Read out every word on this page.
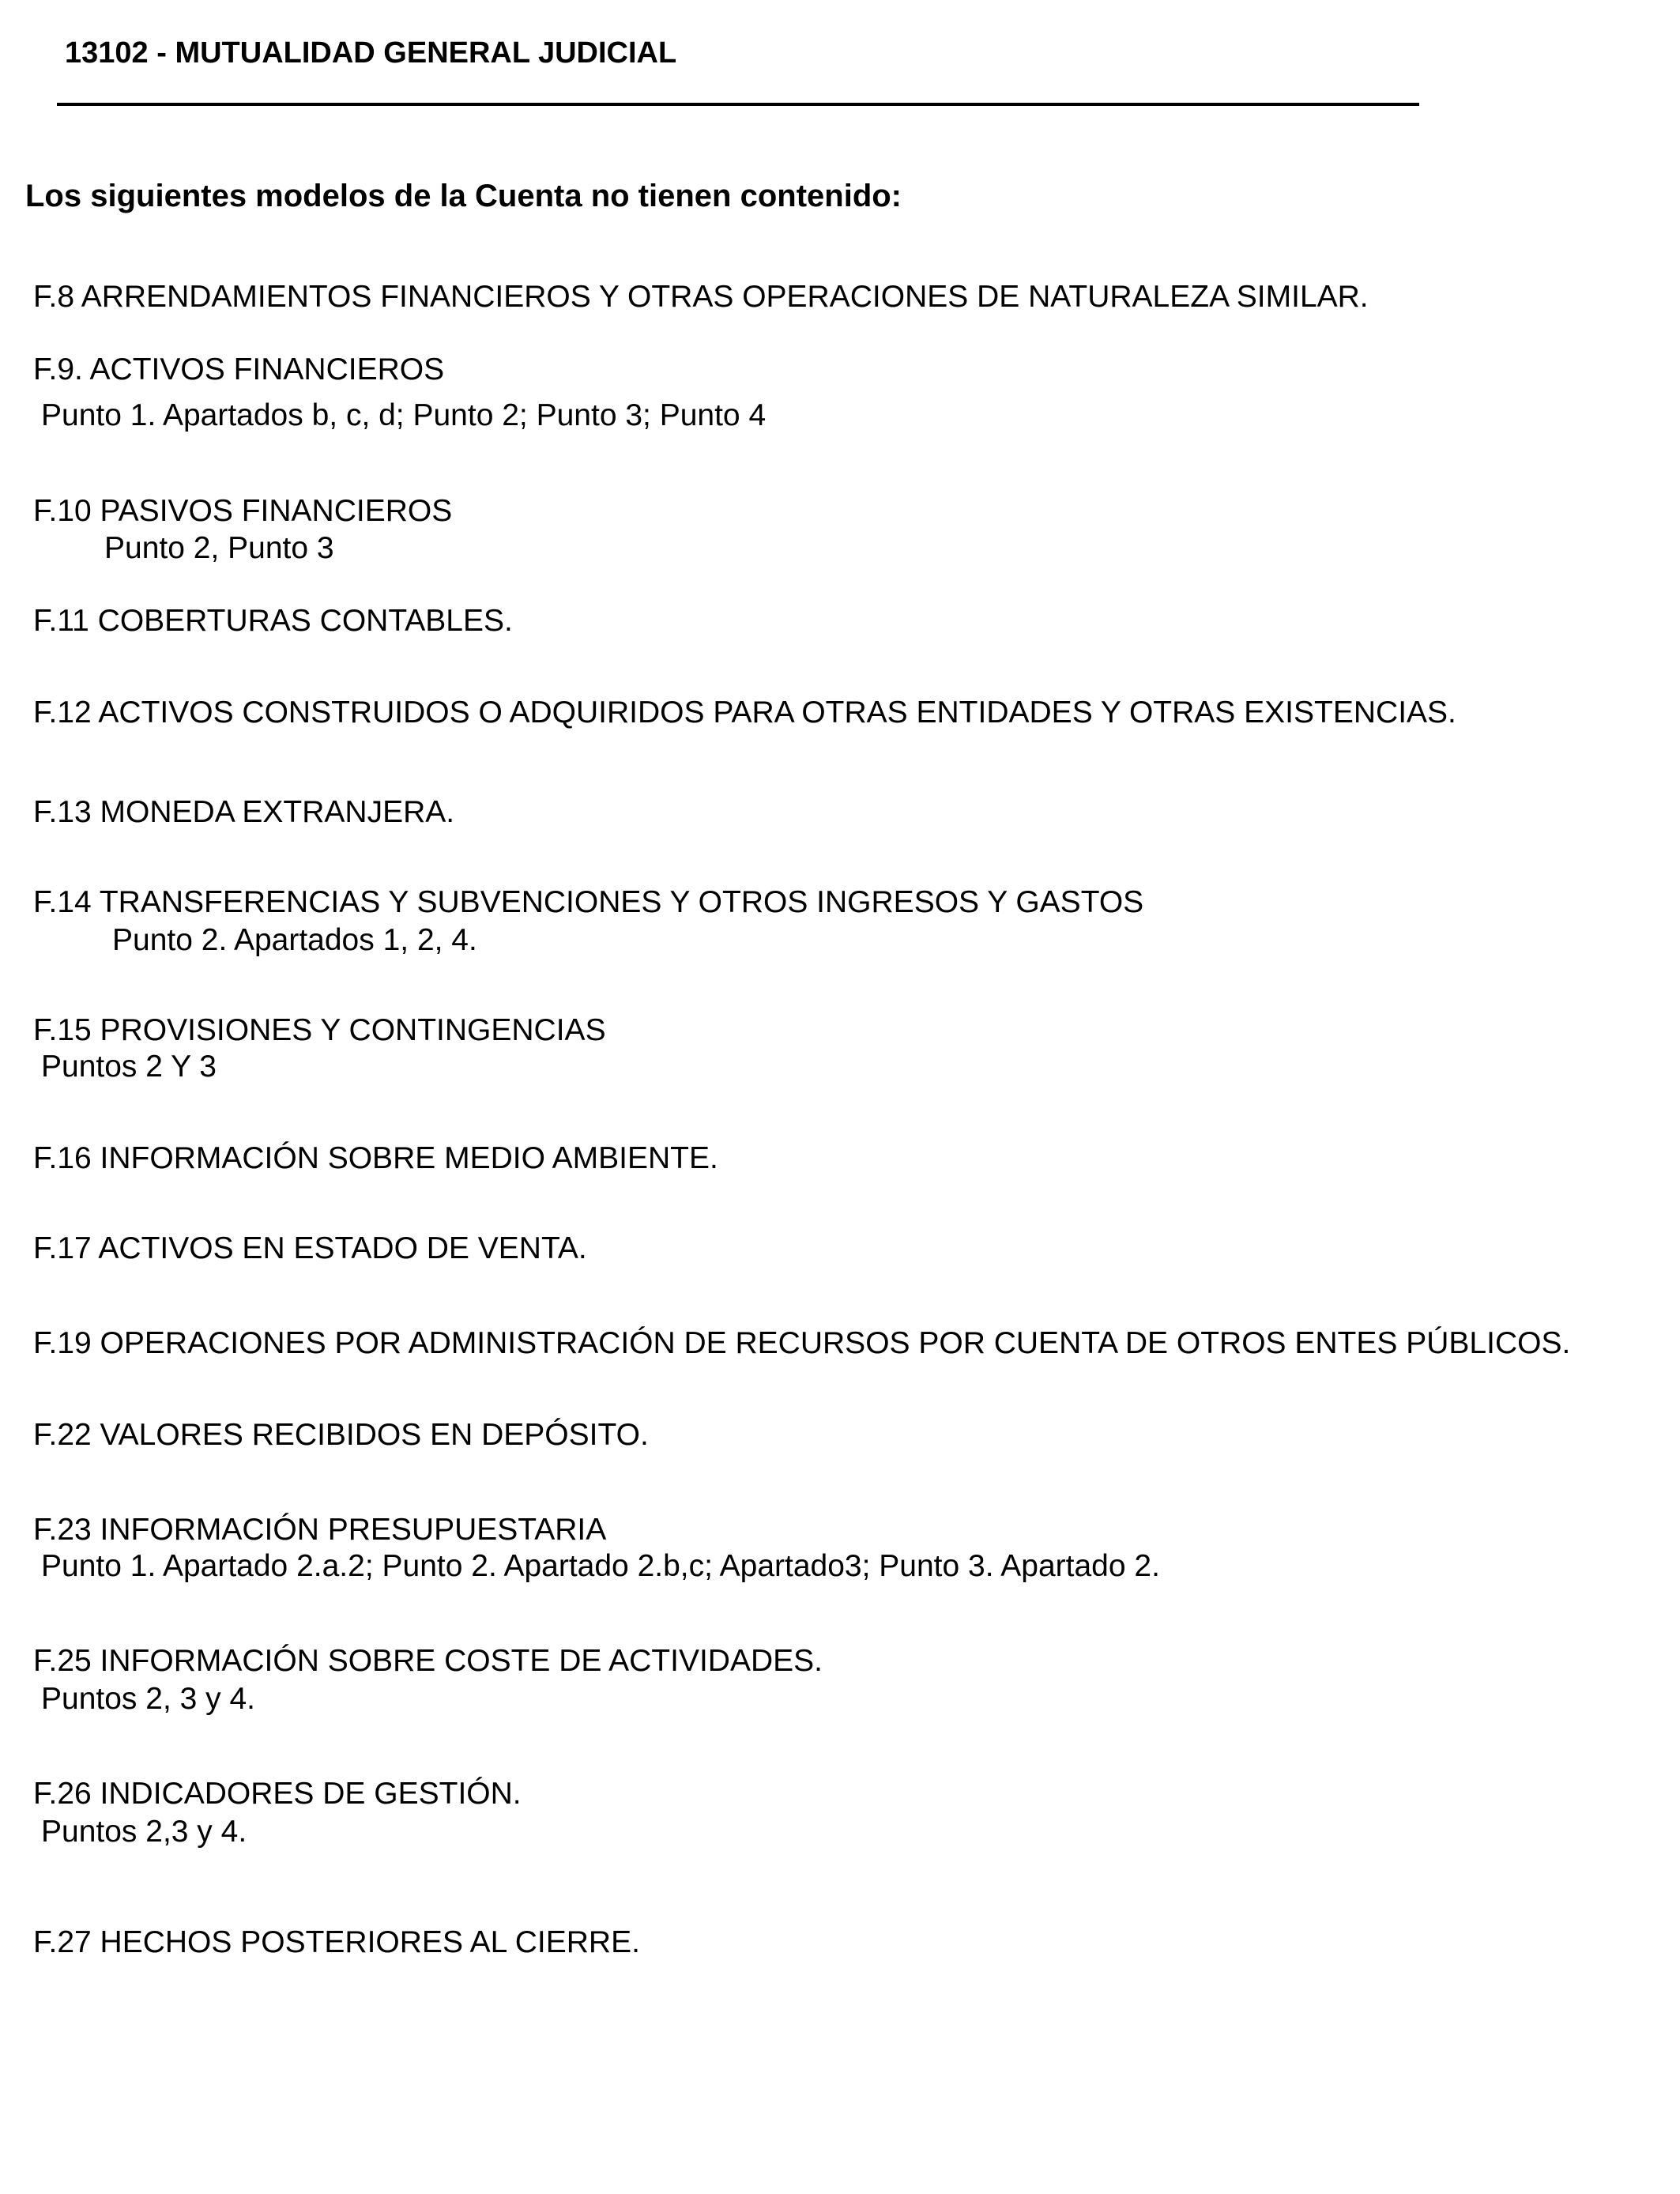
13102 - MUTUALIDAD GENERAL JUDICIAL
Los siguientes modelos de la Cuenta no tienen contenido:
F.8 ARRENDAMIENTOS FINANCIEROS Y OTRAS OPERACIONES DE NATURALEZA SIMILAR.
F.9. ACTIVOS FINANCIEROS
Punto 1. Apartados b, c, d; Punto 2; Punto 3; Punto 4
F.10 PASIVOS FINANCIEROS
Punto 2, Punto 3
F.11 COBERTURAS CONTABLES.
F.12 ACTIVOS CONSTRUIDOS O ADQUIRIDOS PARA OTRAS ENTIDADES Y OTRAS EXISTENCIAS.
F.13 MONEDA EXTRANJERA.
F.14 TRANSFERENCIAS Y SUBVENCIONES Y OTROS INGRESOS Y GASTOS
Punto 2. Apartados 1, 2, 4.
F.15 PROVISIONES Y CONTINGENCIAS
Puntos 2 Y 3
F.16 INFORMACIÓN SOBRE MEDIO AMBIENTE.
F.17 ACTIVOS EN ESTADO DE VENTA.
F.19 OPERACIONES POR ADMINISTRACIÓN DE RECURSOS POR CUENTA DE OTROS ENTES PÚBLICOS.
F.22 VALORES RECIBIDOS EN DEPÓSITO.
F.23 INFORMACIÓN PRESUPUESTARIA
Punto 1. Apartado 2.a.2; Punto 2. Apartado 2.b,c; Apartado3; Punto 3. Apartado 2.
F.25 INFORMACIÓN SOBRE COSTE DE ACTIVIDADES.
Puntos 2, 3 y 4.
F.26 INDICADORES DE GESTIÓN.
Puntos 2,3 y 4.
F.27 HECHOS POSTERIORES AL CIERRE.
